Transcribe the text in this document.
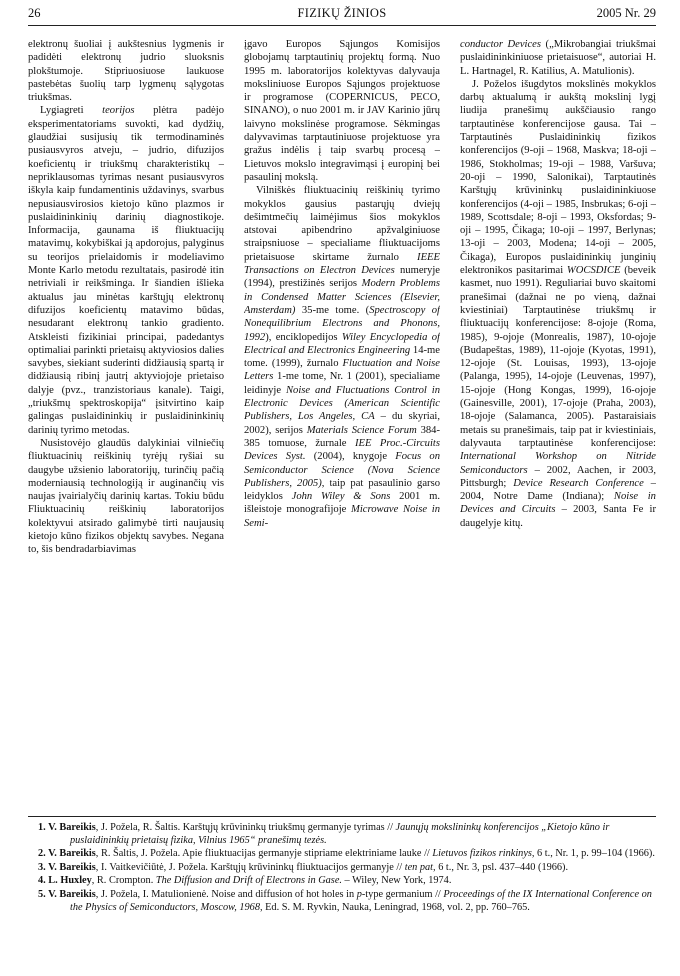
26	FIZIKŲ ŽINIOS	2005 Nr. 29

elektronų šuoliai į aukštesnius lygmenis ir padidėti elektronų judrio sluoksnis plokštumoje. Stipriuosiuose laukuose pastebėtas šuolių tarp lygmenų sąlygotas triukšmas.

Lygiagreti teorijos plėtra padėjo eksperimentatoriams suvokti, kad dydžių, glaudžiai susijusių tik termodinaminės pusiausvyros atveju, – judrio, difuzijos koeficientų ir triukšmų charakteristikų – nepriklausomas tyrimas nesant pusiausvyros iškyla kaip fundamentinis uždavinys, svarbus nepusiausvirosios kietojo kūno plazmos ir puslaidininkinių darinių diagnostikoje. Informacija, gaunama iš fliuktuacijų matavimų, kokybiškai ją apdorojus, palyginus su teorijos prielaidomis ir modeliavimo Monte Karlo metodu rezultatais, pasirodė itin netriviali ir reikšminga. Ir šiandien išlieka aktualus jau minėtas karštųjų elektronų difuzijos koeficientų matavimo būdas, nesudarant elektronų tankio gradiento. Atskleisti fizikiniai principai, padedantys optimaliai parinkti prietaisų aktyviosios dalies savybes, siekiant suderinti didžiausią spartą ir didžiausią ribinį jautrį aktyviojoje prietaiso dalyje (pvz., tranzistoriaus kanale). Taigi, „triukšmų spektroskopija“ įsitvirtino kaip galingas puslaidininkių ir puslaidininkinių darinių tyrimo metodas.

Nusistovėjo glaudūs dalykiniai vilniečių fliuktuacinių reiškinių tyrėjų ryšiai su daugybe užsienio laboratorijų, turinčių pačią moderniausią technologiją ir auginančių vis naujas įvairialyčių darinių kartas. Tokiu būdu Fliuktuacinių reiškinių laboratorijos kolektyvui atsirado galimybė tirti naujausių kietojo kūno fizikos objektų savybes. Negana to, šis bendradarbiavimas

įgavo Europos Sąjungos Komisijos globojamų tarptautinių projektų formą. Nuo 1995 m. laboratorijos kolektyvas dalyvauja moksliniuose Europos Sąjungos projektuose ir programose (COPERNICUS, PECO, SINANO), o nuo 2001 m. ir JAV Karinio jūrų laivyno mokslinėse programose. Sėkmingas dalyvavimas tarptautiniuose projektuose yra gražus indėlis į taip svarbų procesą – Lietuvos mokslo integravimąsi į europinį bei pasaulinį mokslą.

Vilniškės fliuktuacinių reiškinių tyrimo mokyklos gausius pastarųjų dviejų dešimtmečių laimėjimus šios mokyklos atstovai apibendrino apžvalginiuose straipsniuose – specialiame fliuktuacijoms prietaisuose skirtame žurnalo IEEE Transactions on Electron Devices numeryje (1994), prestižinės serijos Modern Problems in Condensed Matter Sciences (Elsevier, Amsterdam) 35-me tome. (Spectroscopy of Nonequilibrium Electrons and Phonons, 1992), enciklopedijos Wiley Encyclopedia of Electrical and Electronics Engineering 14-me tome. (1999), žurnalo Fluctuation and Noise Letters 1-me tome, Nr. 1 (2001), specialiame leidinyje Noise and Fluctuations Control in Electronic Devices (American Scientific Publishers, Los Angeles, CA – du skyriai, 2002), serijos Materials Science Forum 384-385 tomuose, žurnale IEE Proc.-Circuits Devices Syst. (2004), knygoje Focus on Semiconductor Science (Nova Science Publishers, 2005), taip pat pasaulinio garso leidyklos John Wiley & Sons 2001 m. išleistoje monografijoje Microwave Noise in Semi-

conductor Devices („Mikrobangiai triukšmai puslaidininkiniuose prietaisuose“, autoriai H. L. Hartnagel, R. Katilius, A. Matulionis).

J. Poželos išugdytos mokslinės mokyklos darbų aktualumą ir aukštą mokslinį lygį liudija pranešimų aukščiausio rango tarptautinėse konferencijose gausa. Tai –Tarptautinės Puslaidininkių fizikos konferencijos (9-oji – 1968, Maskva; 18-oji – 1986, Stokholmas; 19-oji – 1988, Varšuva; 20-oji – 1990, Salonikai), Tarptautinės Karštųjų krūvininkų puslaidininkiuose konferencijos (4-oji – 1985, Insbrukas; 6-oji – 1989, Scottsdale; 8-oji – 1993, Oksfordas; 9-oji – 1995, Čikaga; 10-oji – 1997, Berlynas; 13-oji – 2003, Modena; 14-oji – 2005, Čikaga), Europos puslaidininkių junginių elektronikos pasitarimai WOCSDICE (beveik kasmet, nuo 1991). Reguliariai buvo skaitomi pranešimai (dažnai ne po vieną, dažnai kviestiniai) Tarptautinėse triukšmų ir fliuktuacijų konferencijose: 8-ojoje (Roma, 1985), 9-ojoje (Monrealis, 1987), 10-ojoje (Budapeštas, 1989), 11-ojoje (Kyotas, 1991), 12-ojoje (St. Louisas, 1993), 13-ojoje (Palanga, 1995), 14-ojoje (Leuvenas, 1997), 15-ojoje (Hong Kongas, 1999), 16-ojoje (Gainesville, 2001), 17-ojoje (Praha, 2003), 18-ojoje (Salamanca, 2005). Pastaraisiais metais su pranešimais, taip pat ir kviestiniais, dalyvauta tarptautinėse konferencijose: International Workshop on Nitride Semiconductors – 2002, Aachen, ir 2003, Pittsburgh; Device Research Conference – 2004, Notre Dame (Indiana); Noise in Devices and Circuits – 2003, Santa Fe ir daugelyje kitų.

1. V. Bareikis, J. Požela, R. Šaltis. Karštųjų krūvininkų triukšmų germanyje tyrimas // Jaunųjų mokslininkų konferencijos „Kietojo kūno ir puslaidininkių prietaisų fizika, Vilnius 1965“ pranešimų tezės.
2. V. Bareikis, R. Šaltis, J. Požela. Apie fliuktuacijas germanyje stipriame elektriniame lauke // Lietuvos fizikos rinkinys, 6 t., Nr. 1, p. 99–104 (1966).
3. V. Bareikis, I. Vaitkevičiūtė, J. Požela. Karštųjų krūvininkų fliuktuacijos germanyje // ten pat, 6 t., Nr. 3, psl. 437–440 (1966).
4. L. Huxley, R. Crompton. The Diffusion and Drift of Electrons in Gase. – Wiley, New York, 1974.
5. V. Bareikis, J. Požela, I. Matulionienė. Noise and diffusion of hot holes in p-type germanium // Proceedings of the IX International Conference on the Physics of Semiconductors, Moscow, 1968, Ed. S. M. Ryvkin, Nauka, Leningrad, 1968, vol. 2, pp. 760–765.
